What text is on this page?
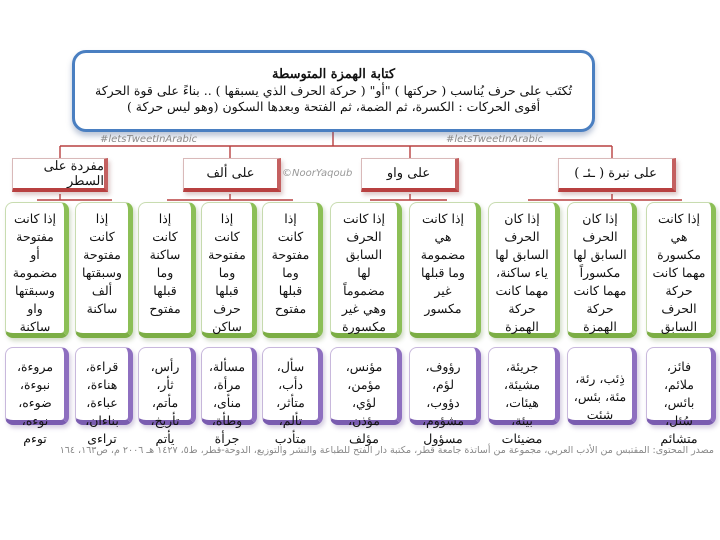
كتابة الهمزة المتوسطة
تُكتَب على حرف يُناسب ( حركتها ) "أو" ( حركة الحرف الذي يسبقها ) .. بناءً على قوة الحركة
أقوى الحركات : الكسرة، ثم الضمة، ثم الفتحة وبعدها السكون (وهو ليس حركة )
#letsTweetInArabic	#letsTweetInArabic
©NoorYaqoub	على نبرة ( ـئـ )
على واو
على ألف
مفردة على السطر
إذا كانت
هي
مكسورة
مهما كانت
حركة
الحرف
السابق
إذا كان
الحرف
السابق لها
مكسوراً
مهما كانت
حركة
الهمزة
إذا كان
الحرف
السابق لها
ياء ساكنة،
مهما كانت
حركة
الهمزة
إذا كانت
هي
مضمومة
وما قبلها
غير
مكسور
إذا كانت
الحرف
السابق
لها
مضموماً
وهي غير
مكسورة
إذا
كانت
مفتوحة
وما
قبلها
مفتوح
إذا
كانت
مفتوحة
وما
قبلها
حرف
ساكن
إذا
كانت
ساكنة
وما
قبلها
مفتوح
إذا
كانت
مفتوحة
وسبقتها
ألف
ساكنة
إذا كانت
مفتوحة
أو
مضمومة
وسبقتها
واو
ساكنة
فائز،
ملائم،
بائس،
سُئل،
متشائم
ذِئب، رئة،
مئة، بئس،
شئت
جريئة،
مشيئة،
هيئات،
بيئة،
مضيئات
رؤوف،
لؤم،
دؤوب،
مشؤوم،
مسؤول
مؤنس،
مؤمن،
لؤي،
مؤذن،
مؤلف
سأل،
دأب،
متأثر،
تألم،
متأدب
مسألة،
مرأة،
منأى،
وطأة،
جرأة
رأس،
ثأر،
مأتم،
تأريخ،
يأتم
قراءة،
هناءة،
عباءة،
بناءان،
تراءى
مروءة،
نبوءة،
ضوءه،
نوءه،
توءم
مصدر المحتوى: المقتبس من الأدب العربي، مجموعة من أساتذة جامعة قطر، مكتبة دار الفتح للطباعة والنشر والتوزيع، الدوحة-قطر، ط٥، ١٤٢٧ هـ ٢٠٠٦ م، ص١٦٣، ١٦٤
